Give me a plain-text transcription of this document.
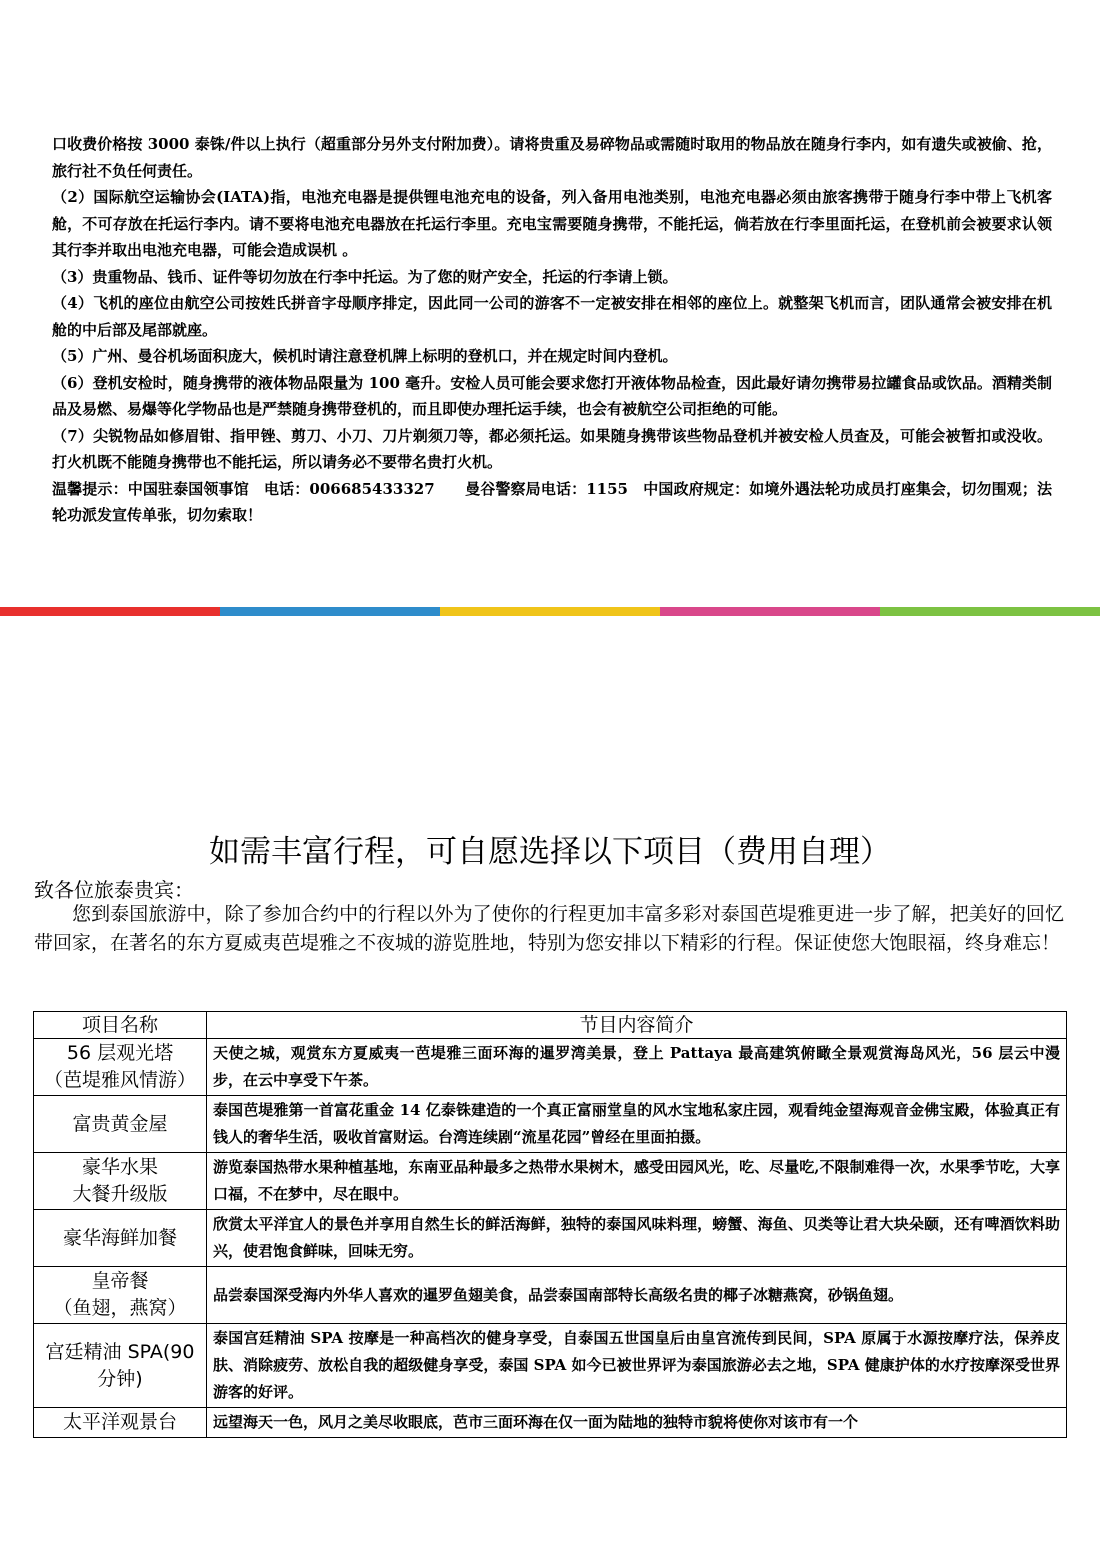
口收费价格按 3000 泰铢/件以上执行（超重部分另外支付附加费）。请将贵重及易碎物品或需随时取用的物品放在随身行李内，如有遗失或被偷、抢，旅行社不负任何责任。

（2）国际航空运输协会(IATA)指，电池充电器是提供锂电池充电的设备，列入备用电池类别，电池充电器必须由旅客携带于随身行李中带上飞机客舱，不可存放在托运行李内。请不要将电池充电器放在托运行李里。充电宝需要随身携带，不能托运，倘若放在行李里面托运，在登机前会被要求认领其行李并取出电池充电器，可能会造成误机 。

（3）贵重物品、钱币、证件等切勿放在行李中托运。为了您的财产安全，托运的行李请上锁。

（4）飞机的座位由航空公司按姓氏拼音字母顺序排定，因此同一公司的游客不一定被安排在相邻的座位上。就整架飞机而言，团队通常会被安排在机舱的中后部及尾部就座。

（5）广州、曼谷机场面积庞大，候机时请注意登机牌上标明的登机口，并在规定时间内登机。

（6）登机安检时，随身携带的液体物品限量为 100 毫升。安检人员可能会要求您打开液体物品检查，因此最好请勿携带易拉罐食品或饮品。酒精类制品及易燃、易爆等化学物品也是严禁随身携带登机的，而且即使办理托运手续，也会有被航空公司拒绝的可能。

（7）尖锐物品如修眉钳、指甲锉、剪刀、小刀、刀片剃须刀等，都必须托运。如果随身携带该些物品登机并被安检人员查及，可能会被暂扣或没收。打火机既不能随身携带也不能托运，所以请务必不要带名贵打火机。

温馨提示：中国驻泰国领事馆　电话：006685433327　　曼谷警察局电话：1155　中国政府规定：如境外遇法轮功成员打座集会，切勿围观；法轮功派发宣传单张，切勿索取！

如需丰富行程，可自愿选择以下项目（费用自理）
致各位旅泰贵宾：

您到泰国旅游中，除了参加合约中的行程以外为了使你的行程更加丰富多彩对泰国芭堤雅更进一步了解，把美好的回忆带回家，在著名的东方夏威夷芭堤雅之不夜城的游览胜地，特别为您安排以下精彩的行程。保证使您大饱眼福，终身难忘！

项目名称	节目内容简介
56 层观光塔
（芭堤雅风情游）	天使之城，观赏东方夏威夷一芭堤雅三面环海的暹罗湾美景，登上 Pattaya 最高建筑俯瞰全景观赏海岛风光，56 层云中漫步，在云中享受下午茶。
富贵黄金屋	泰国芭堤雅第一首富花重金 14 亿泰铢建造的一个真正富丽堂皇的风水宝地私家庄园，观看纯金望海观音金佛宝殿，体验真正有钱人的奢华生活，吸收首富财运。台湾连续剧“流星花园”曾经在里面拍摄。
豪华水果
大餐升级版	游览泰国热带水果种植基地，东南亚品种最多之热带水果树木，感受田园风光，吃、尽量吃,不限制难得一次，水果季节吃，大享口福，不在梦中，尽在眼中。
豪华海鲜加餐	欣赏太平洋宜人的景色并享用自然生长的鲜活海鲜，独特的泰国风味料理，螃蟹、海鱼、贝类等让君大块朵颐，还有啤酒饮料助兴，使君饱食鲜味，回味无穷。
皇帝餐
（鱼翅，燕窝）	品尝泰国深受海内外华人喜欢的暹罗鱼翅美食，品尝泰国南部特长高级名贵的椰子冰糖燕窝，砂锅鱼翅。
宫廷精油 SPA(90
分钟)	泰国宫廷精油 SPA 按摩是一种高档次的健身享受，自泰国五世国皇后由皇宫流传到民间，SPA 原属于水源按摩疗法，保养皮肤、消除疲劳、放松自我的超级健身享受，泰国 SPA 如今已被世界评为泰国旅游必去之地，SPA 健康护体的水疗按摩深受世界游客的好评。
太平洋观景台	远望海天一色，风月之美尽收眼底，芭市三面环海在仅一面为陆地的独特市貌将使你对该市有一个
